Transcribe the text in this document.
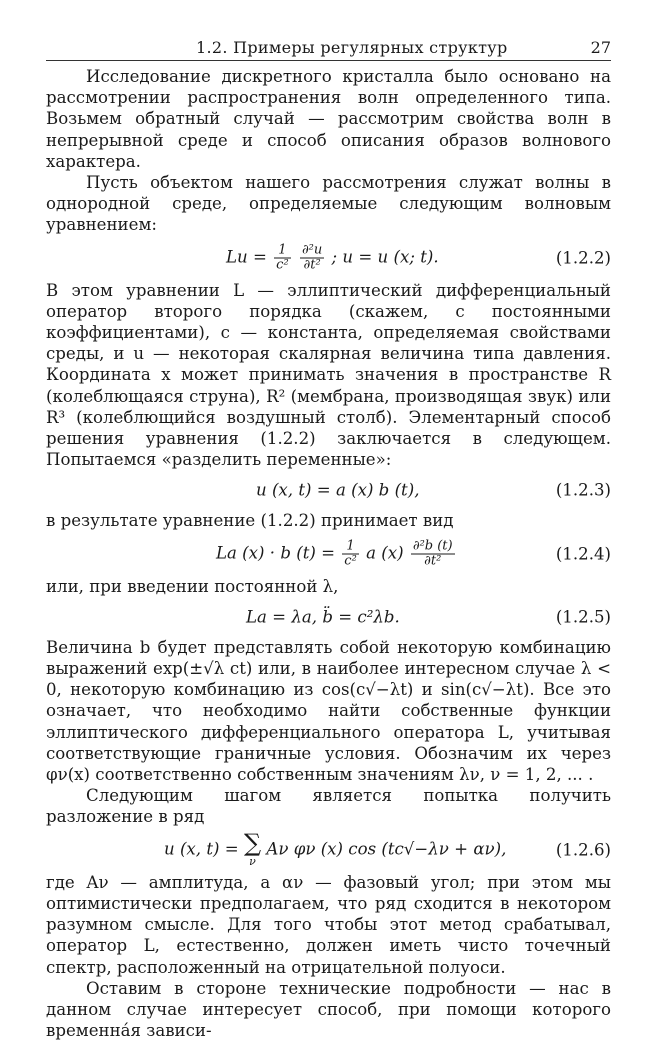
1.2. Примеры регулярных структур	27

Исследование дискретного кристалла было основано на рассмотрении распространения волн определенного типа. Возьмем обратный случай — рассмотрим свойства волн в непрерывной среде и способ описания образов волнового характера.

Пусть объектом нашего рассмотрения служат волны в однородной среде, определяемые следующим волновым уравнением:

$Lu = \frac{1}{\text{c²}}$
$\frac{\text{∂²u}}{\text{∂t²}}$ ; u = u (x; t).	(1.2.2)

В этом уравнении L — эллиптический дифференциальный оператор второго порядка (скажем, с постоянными коэффициентами), c — константа, определяемая свойствами среды, и u — некоторая скалярная величина типа давления. Координата x может принимать значения в пространстве R (колеблющаяся струна), R² (мембрана, производящая звук) или R³ (колеблющийся воздушный столб). Элементарный способ решения уравнения (1.2.2) заключается в следующем. Попытаемся «разделить переменные»:

u (x, t) = a (x) b (t),	(1.2.3)

в результате уравнение (1.2.2) принимает вид

La (x) · b $(t) = \frac{1}{\text{c²}}$ a $(x) \frac{\text{∂²b (t)}}{\text{∂t²}}$	(1.2.4)

или, при введении постоянной λ,

La = λa, b̈ = c²λb.	(1.2.5)

Величина b будет представлять собой некоторую комбинацию выражений exp(±√λ ct) или, в наиболее интересном случае λ < 0, некоторую комбинацию из cos(c√−λt) и sin(c√−λt). Все это означает, что необходимо найти собственные функции эллиптического дифференциального оператора L, учитывая соответствующие граничные условия. Обозначим их через φν(x) соответственно собственным значениям λν, ν = 1, 2, ... .

Следующим шагом является попытка получить разложение в ряд

u (x, t) = ∑
ν
Aν φν (x) cos (tc√−λν + αν),	(1.2.6)

где Aν — амплитуда, а αν — фазовый угол; при этом мы оптимистически предполагаем, что ряд сходится в некотором разумном смысле. Для того чтобы этот метод срабатывал, оператор L, естественно, должен иметь чисто точечный спектр, расположенный на отрицательной полуоси.

Оставим в стороне технические подробности — нас в данном случае интересует способ, при помощи которого временна́я зависи-
